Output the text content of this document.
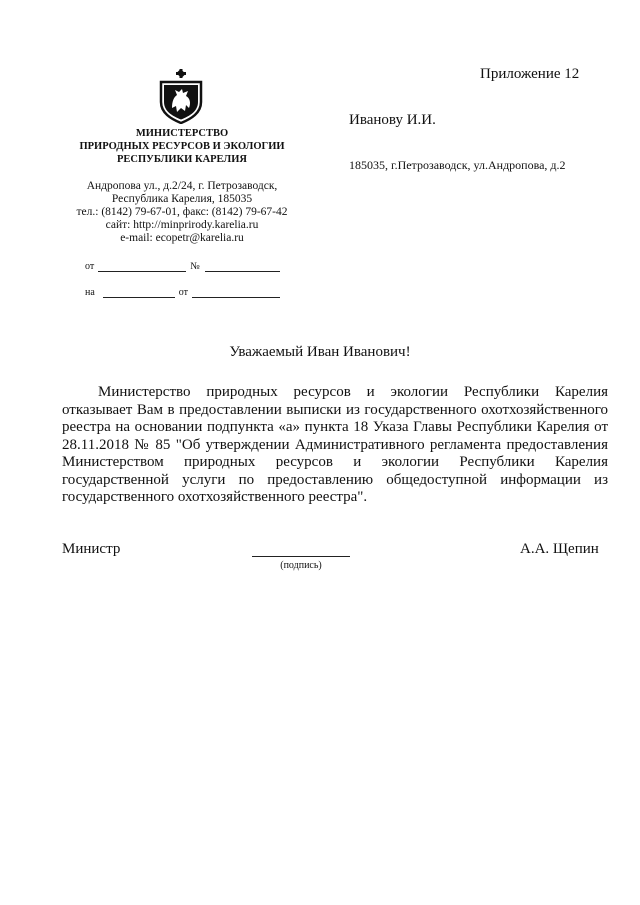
Приложение 12
МИНИСТЕРСТВО
ПРИРОДНЫХ РЕСУРСОВ И ЭКОЛОГИИ
РЕСПУБЛИКИ КАРЕЛИЯ
Андропова ул., д.2/24, г. Петрозаводск,
Республика Карелия, 185035
тел.: (8142) 79-67-01, факс: (8142) 79-67-42
сайт: http://minprirody.karelia.ru
e-mail: ecopetr@karelia.ru
от	№
на	от
Иванову И.И.
185035, г.Петрозаводск, ул.Андропова, д.2
Уважаемый Иван Иванович!

Министерство природных ресурсов и экологии Республики Карелия отказывает Вам в предоставлении выписки из государственного охотхозяйственного реестра на основании подпункта «а» пункта 18 Указа Главы Республики Карелия от 28.11.2018 № 85 "Об утверждении Административного регламента предоставления Министерством природных ресурсов и экологии Республики Карелия государственной услуги по предоставлению общедоступной информации из государственного охотхозяйственного реестра".

Министр
(подпись)
А.А. Щепин
